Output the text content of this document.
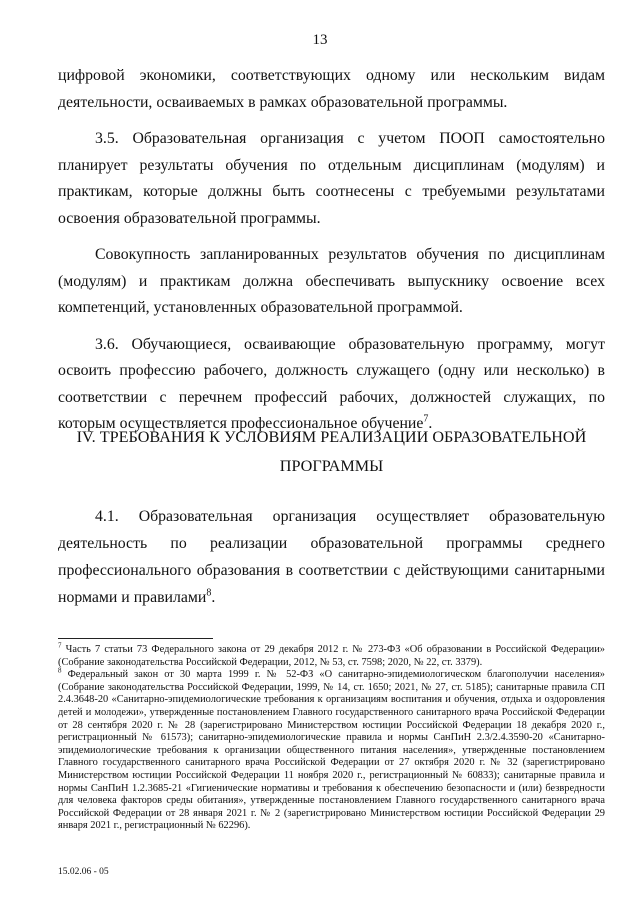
13

цифровой экономики, соответствующих одному или нескольким видам деятельности, осваиваемых в рамках образовательной программы.

3.5. Образовательная организация с учетом ПООП самостоятельно планирует результаты обучения по отдельным дисциплинам (модулям) и практикам, которые должны быть соотнесены с требуемыми результатами освоения образовательной программы.

Совокупность запланированных результатов обучения по дисциплинам (модулям) и практикам должна обеспечивать выпускнику освоение всех компетенций, установленных образовательной программой.

3.6. Обучающиеся, осваивающие образовательную программу, могут освоить профессию рабочего, должность служащего (одну или несколько) в соответствии с перечнем профессий рабочих, должностей служащих, по которым осуществляется профессиональное обучение$^7$.

IV. ТРЕБОВАНИЯ К УСЛОВИЯМ РЕАЛИЗАЦИИ ОБРАЗОВАТЕЛЬНОЙ
ПРОГРАММЫ

4.1. Образовательная организация осуществляет образовательную деятельность по реализации образовательной программы среднего профессионального образования в соответствии с действующими санитарными нормами и правилами$^8$.

$^7$ Часть 7 статьи 73 Федерального закона от 29 декабря 2012 г. № 273-ФЗ «Об образовании в Российской Федерации» (Собрание законодательства Российской Федерации, 2012, № 53, ст. 7598; 2020, № 22, ст. 3379).

$^8$ Федеральный закон от 30 марта 1999 г. № 52-ФЗ «О санитарно-эпидемиологическом благополучии населения» (Собрание законодательства Российской Федерации, 1999, № 14, ст. 1650; 2021, № 27, ст. 5185); санитарные правила СП 2.4.3648-20 «Санитарно-эпидемиологические требования к организациям воспитания и обучения, отдыха и оздоровления детей и молодежи», утвержденные постановлением Главного государственного санитарного врача Российской Федерации от 28 сентября 2020 г. № 28 (зарегистрировано Министерством юстиции Российской Федерации 18 декабря 2020 г., регистрационный № 61573); санитарно-эпидемиологические правила и нормы СанПиН 2.3/2.4.3590-20 «Санитарно-эпидемиологические требования к организации общественного питания населения», утвержденные постановлением Главного государственного санитарного врача Российской Федерации от 27 октября 2020 г. № 32 (зарегистрировано Министерством юстиции Российской Федерации 11 ноября 2020 г., регистрационный № 60833); санитарные правила и нормы СанПиН 1.2.3685-21 «Гигиенические нормативы и требования к обеспечению безопасности и (или) безвредности для человека факторов среды обитания», утвержденные постановлением Главного государственного санитарного врача Российской Федерации от 28 января 2021 г. № 2 (зарегистрировано Министерством юстиции Российской Федерации 29 января 2021 г., регистрационный № 62296).

15.02.06 - 05
